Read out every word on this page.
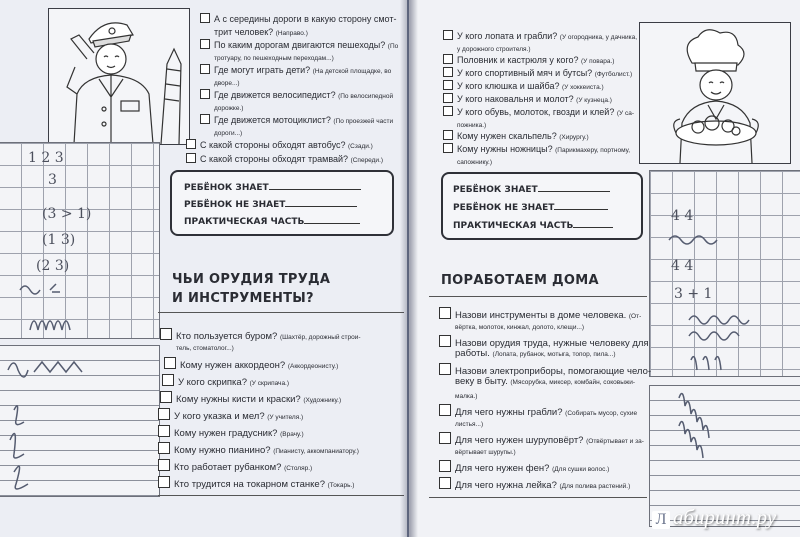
1 2 3
3
(3 > 1)
(1 3)
(2 3)
А с середины дороги в какую сторону смот-
трит человек? (Направо.)
По каким дорогам двигаются пешеходы? (По
тротуару, по пешеходным переходам...)
Где могут играть дети? (На детской площадке, во
дворе...)
Где движется велосипедист? (По велосипедной
дорожке.)
Где движется мотоциклист? (По проезжей части
дороги...)
С какой стороны обходят автобус? (Сзади.)
С какой стороны обходят трамвай? (Спереди.)
РЕБЁНОК ЗНАЕТ
РЕБЁНОК НЕ ЗНАЕТ
ПРАКТИЧЕСКАЯ ЧАСТЬ
ЧЬИ ОРУДИЯ ТРУДА
И ИНСТРУМЕНТЫ?
Кто пользуется буром? (Шахтёр, дорожный строи-
тель, стоматолог...)
Кому нужен аккордеон? (Аккордеонисту.)
У кого скрипка? (У скрипача.)
Кому нужны кисти и краски? (Художнику.)
У кого указка и мел? (У учителя.)
Кому нужен градусник? (Врачу.)
Кому нужно пианино? (Пианисту, аккомпаниатору.)
Кто работает рубанком? (Столяр.)
Кто трудится на токарном станке? (Токарь.)
4 4
4 4
3 + 1
У кого лопата и грабли? (У огородника, у дачника,
у дорожного строителя.)
Половник и кастрюля у кого? (У повара.)
У кого спортивный мяч и бутсы? (Футболист.)
У кого клюшка и шайба? (У хоккеиста.)
У кого наковальня и молот? (У кузнеца.)
У кого обувь, молоток, гвозди и клей? (У са-
пожника.)
Кому нужен скальпель? (Хирургу.)
Кому нужны ножницы? (Парикмахеру, портному,
сапожнику.)
РЕБЁНОК ЗНАЕТ
РЕБЁНОК НЕ ЗНАЕТ
ПРАКТИЧЕСКАЯ ЧАСТЬ
ПОРАБОТАЕМ ДОМА
Назови инструменты в доме человека. (От-
вёртка, молоток, кинжал, долото, клещи...)
Назови орудия труда, нужные человеку для
работы. (Лопата, рубанок, мотыга, топор, пила...)
Назови электроприборы, помогающие чело-
веку в быту. (Мясорубка, миксер, комбайн, соковыжи-
малка.)
Для чего нужны грабли? (Собирать мусор, сухие
листья...)
Для чего нужен шуруповёрт? (Отвёртывает и за-
вёртывает шурупы.)
Для чего нужен фен? (Для сушки волос.)
Для чего нужна лейка? (Для полива растений.)
Л абиринт.ру
